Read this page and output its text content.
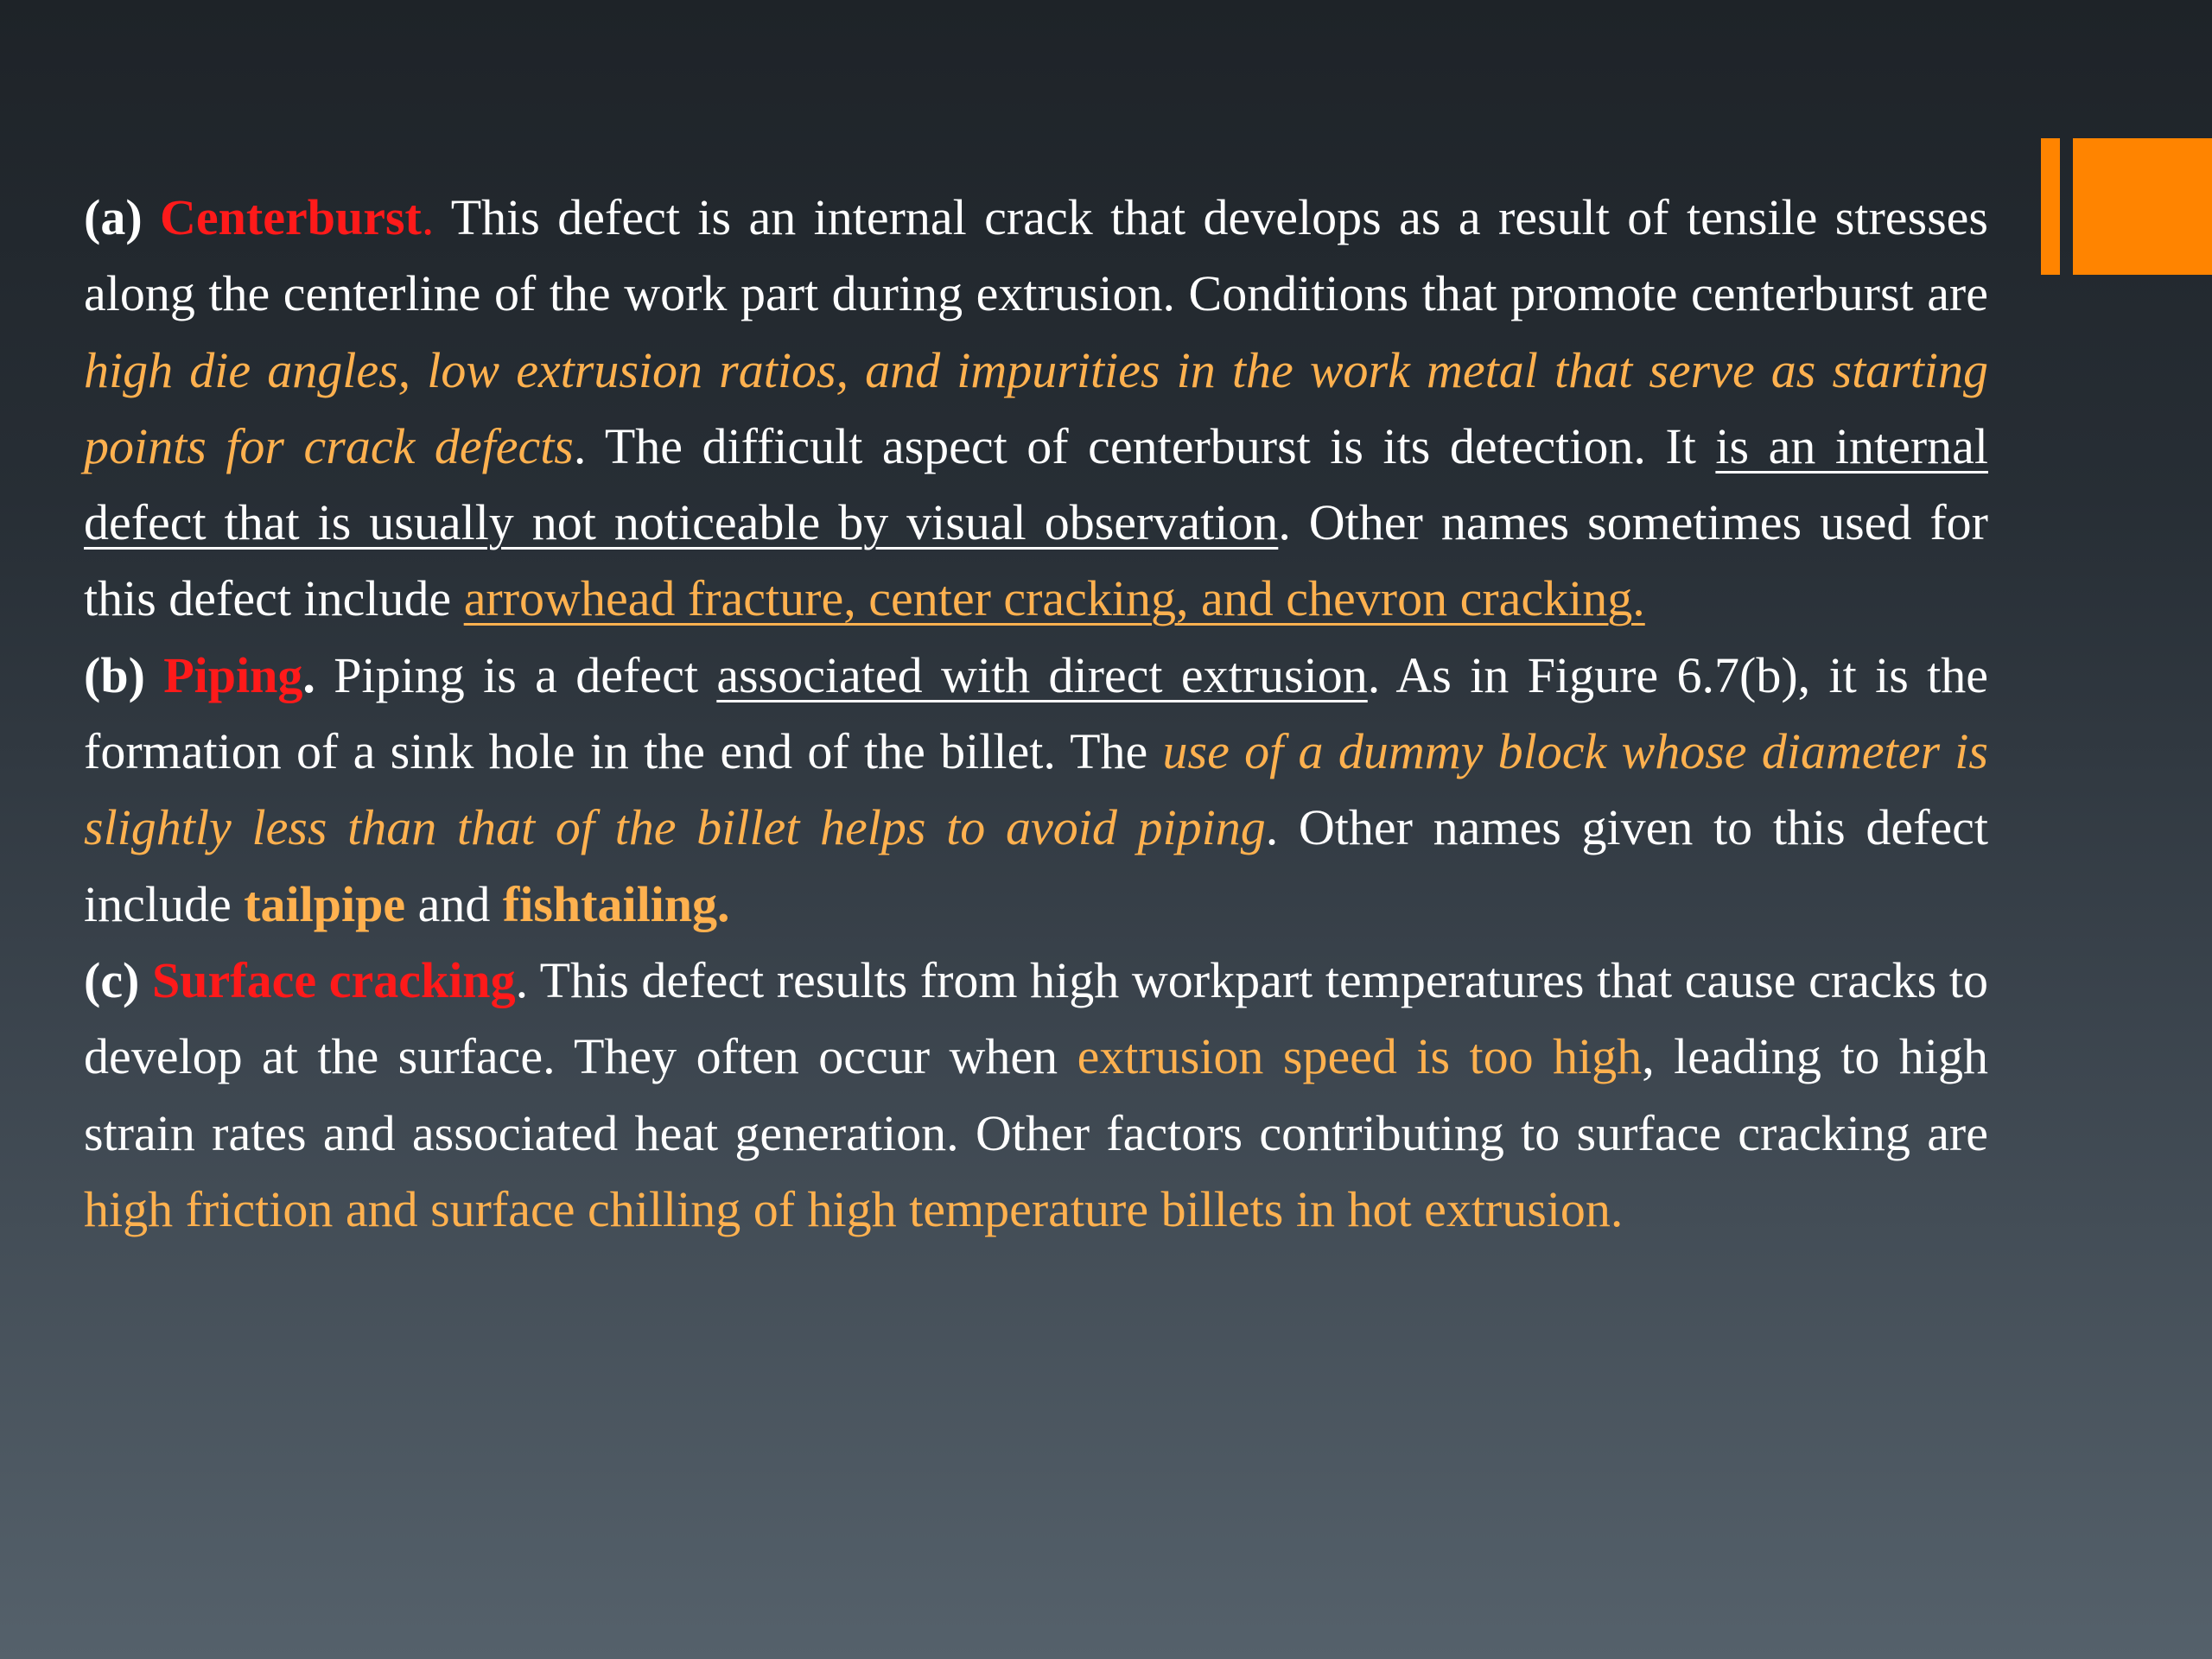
(a) Centerburst. This defect is an internal crack that develops as a result of tensile stresses along the centerline of the work part during extrusion. Conditions that promote centerburst are high die angles, low extrusion ratios, and impurities in the work metal that serve as starting points for crack defects. The difficult aspect of centerburst is its detection. It is an internal defect that is usually not noticeable by visual observation. Other names sometimes used for this defect include arrowhead fracture, center cracking, and chevron cracking.

(b) Piping. Piping is a defect associated with direct extrusion. As in Figure 6.7(b), it is the formation of a sink hole in the end of the billet. The use of a dummy block whose diameter is slightly less than that of the billet helps to avoid piping. Other names given to this defect include tailpipe and fishtailing.

(c) Surface cracking. This defect results from high workpart temperatures that cause cracks to develop at the surface. They often occur when extrusion speed is too high, leading to high strain rates and associated heat generation. Other factors contributing to surface cracking are high friction and surface chilling of high temperature billets in hot extrusion.
